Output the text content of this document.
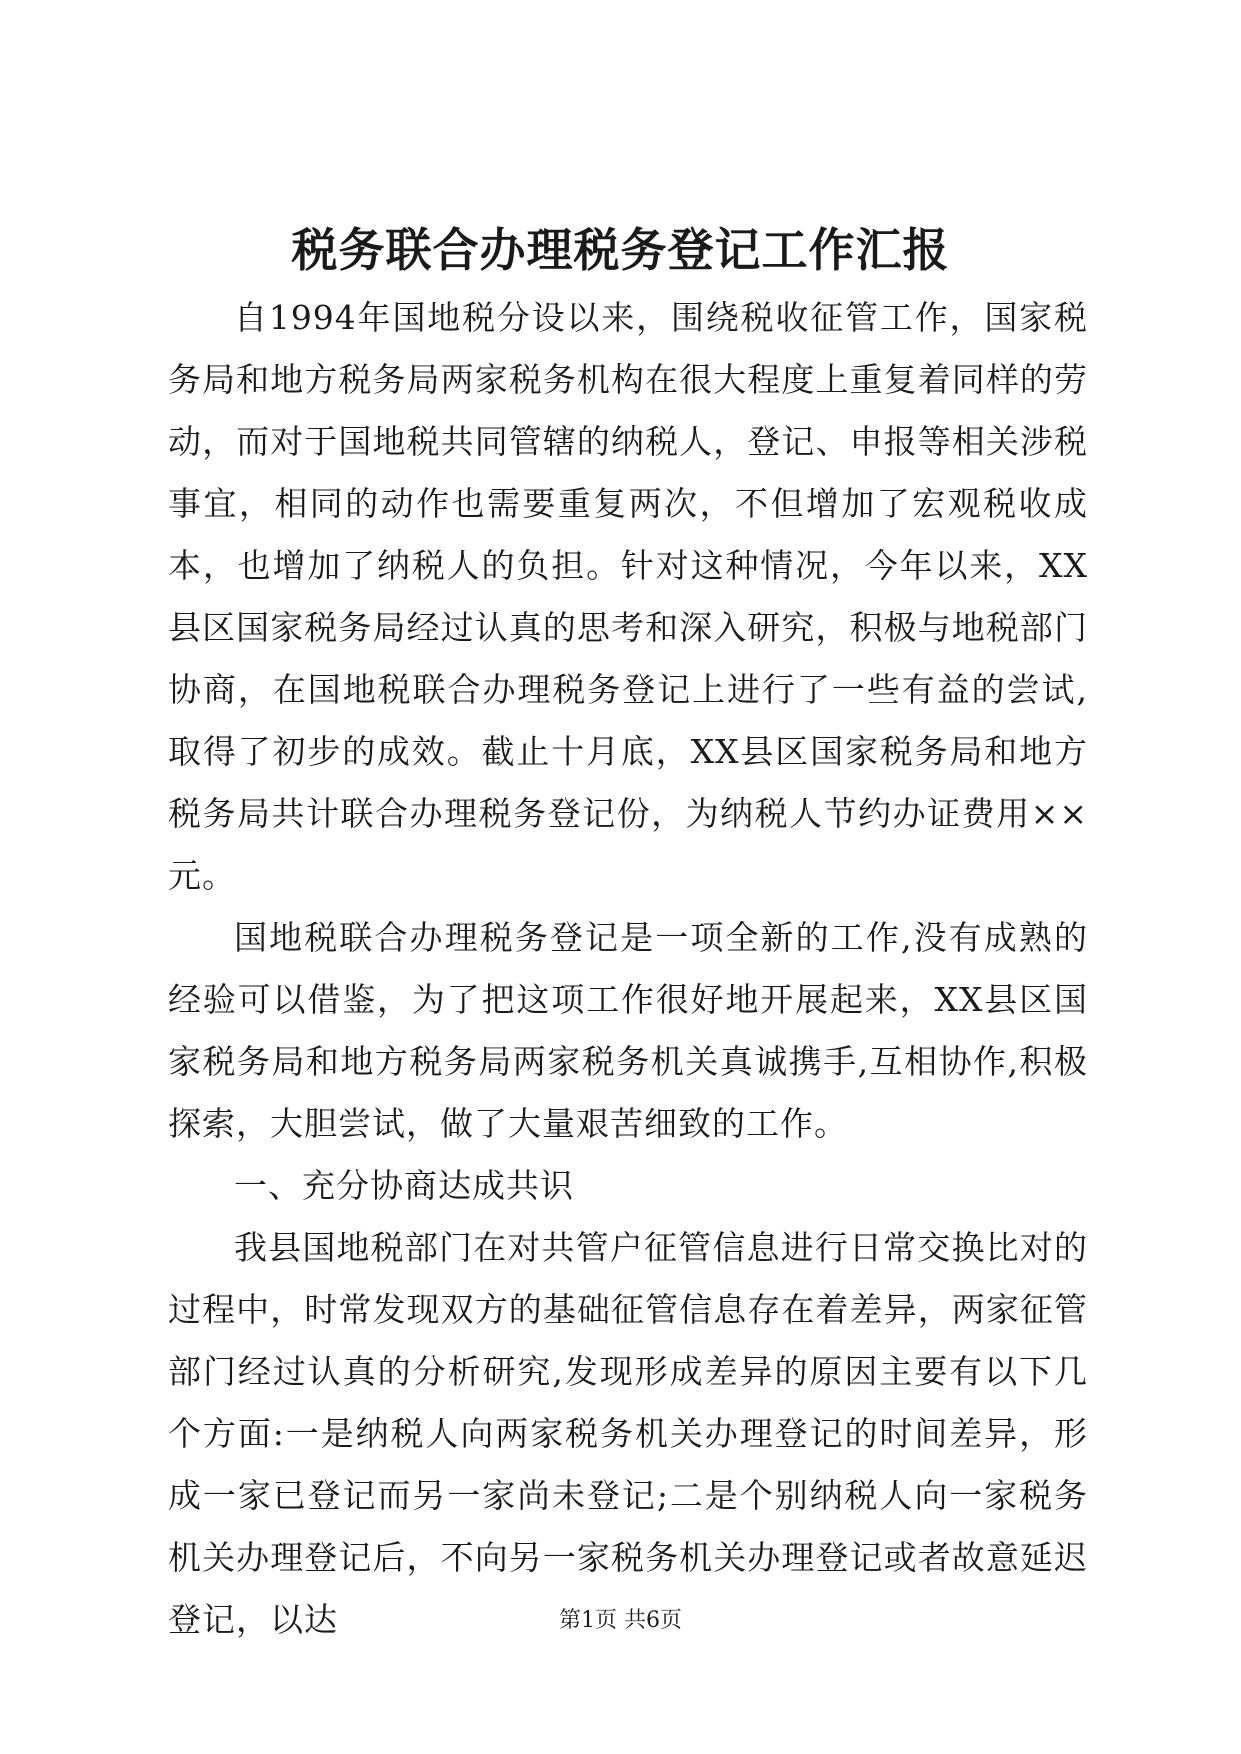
税务联合办理税务登记工作汇报

自1994年国地税分设以来，围绕税收征管工作，国家税务局和地方税务局两家税务机构在很大程度上重复着同样的劳动，而对于国地税共同管辖的纳税人，登记、申报等相关涉税事宜，相同的动作也需要重复两次，不但增加了宏观税收成本，也增加了纳税人的负担。针对这种情况，今年以来，XX县区国家税务局经过认真的思考和深入研究，积极与地税部门协商，在国地税联合办理税务登记上进行了一些有益的尝试,取得了初步的成效。截止十月底，XX县区国家税务局和地方税务局共计联合办理税务登记份，为纳税人节约办证费用××元。

国地税联合办理税务登记是一项全新的工作,没有成熟的经验可以借鉴，为了把这项工作很好地开展起来，XX县区国家税务局和地方税务局两家税务机关真诚携手,互相协作,积极探索，大胆尝试，做了大量艰苦细致的工作。

一、充分协商达成共识

我县国地税部门在对共管户征管信息进行日常交换比对的过程中，时常发现双方的基础征管信息存在着差异，两家征管部门经过认真的分析研究,发现形成差异的原因主要有以下几个方面:一是纳税人向两家税务机关办理登记的时间差异，形成一家已登记而另一家尚未登记;二是个别纳税人向一家税务机关办理登记后，不向另一家税务机关办理登记或者故意延迟登记，以达	第1页 共6页
